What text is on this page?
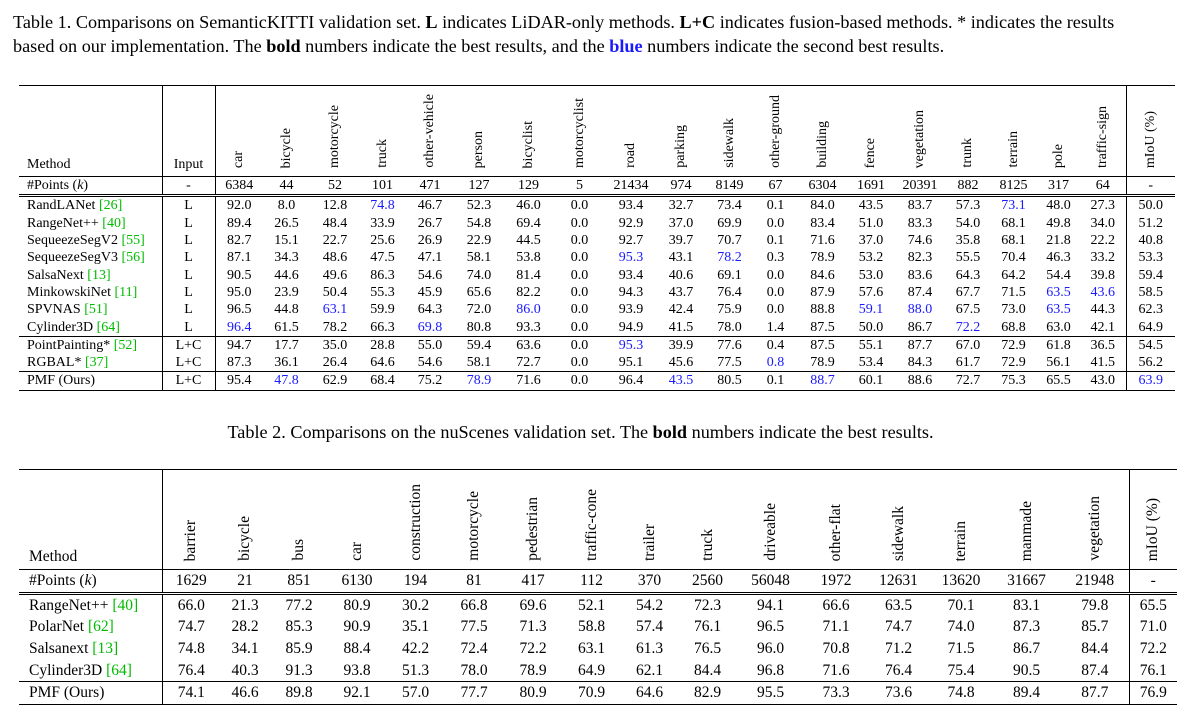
Table 1. Comparisons on SemanticKITTI validation set. L indicates LiDAR-only methods. L+C indicates fusion-based methods. * indicates the results based on our implementation. The bold numbers indicate the best results, and the blue numbers indicate the second best results.
Method	Input	car	bicycle	motorcycle	truck	other-vehicle	person	bicyclist	motorcyclist	road	parking	sidewalk	other-ground	building	fence	vegetation	trunk	terrain	pole	traffic-sign	mIoU (%)
#Points (k)	-	6384	44	52	101	471	127	129	5	21434	974	8149	67	6304	1691	20391	882	8125	317	64	-
RandLANet [26]	L	92.0	8.0	12.8	74.8	46.7	52.3	46.0	0.0	93.4	32.7	73.4	0.1	84.0	43.5	83.7	57.3	73.1	48.0	27.3	50.0
RangeNet++ [40]	L	89.4	26.5	48.4	33.9	26.7	54.8	69.4	0.0	92.9	37.0	69.9	0.0	83.4	51.0	83.3	54.0	68.1	49.8	34.0	51.2
SequeezeSegV2 [55]	L	82.7	15.1	22.7	25.6	26.9	22.9	44.5	0.0	92.7	39.7	70.7	0.1	71.6	37.0	74.6	35.8	68.1	21.8	22.2	40.8
SequeezeSegV3 [56]	L	87.1	34.3	48.6	47.5	47.1	58.1	53.8	0.0	95.3	43.1	78.2	0.3	78.9	53.2	82.3	55.5	70.4	46.3	33.2	53.3
SalsaNext [13]	L	90.5	44.6	49.6	86.3	54.6	74.0	81.4	0.0	93.4	40.6	69.1	0.0	84.6	53.0	83.6	64.3	64.2	54.4	39.8	59.4
MinkowskiNet [11]	L	95.0	23.9	50.4	55.3	45.9	65.6	82.2	0.0	94.3	43.7	76.4	0.0	87.9	57.6	87.4	67.7	71.5	63.5	43.6	58.5
SPVNAS [51]	L	96.5	44.8	63.1	59.9	64.3	72.0	86.0	0.0	93.9	42.4	75.9	0.0	88.8	59.1	88.0	67.5	73.0	63.5	44.3	62.3
Cylinder3D [64]	L	96.4	61.5	78.2	66.3	69.8	80.8	93.3	0.0	94.9	41.5	78.0	1.4	87.5	50.0	86.7	72.2	68.8	63.0	42.1	64.9
PointPainting* [52]	L+C	94.7	17.7	35.0	28.8	55.0	59.4	63.6	0.0	95.3	39.9	77.6	0.4	87.5	55.1	87.7	67.0	72.9	61.8	36.5	54.5
RGBAL* [37]	L+C	87.3	36.1	26.4	64.6	54.6	58.1	72.7	0.0	95.1	45.6	77.5	0.8	78.9	53.4	84.3	61.7	72.9	56.1	41.5	56.2
PMF (Ours)	L+C	95.4	47.8	62.9	68.4	75.2	78.9	71.6	0.0	96.4	43.5	80.5	0.1	88.7	60.1	88.6	72.7	75.3	65.5	43.0	63.9
Table 2. Comparisons on the nuScenes validation set. The bold numbers indicate the best results.
Method	barrier	bicycle	bus	car	construction	motorcycle	pedestrian	traffic-cone	trailer	truck	driveable	other-flat	sidewalk	terrain	manmade	vegetation	mIoU (%)
#Points (k)	1629	21	851	6130	194	81	417	112	370	2560	56048	1972	12631	13620	31667	21948	-
RangeNet++ [40]	66.0	21.3	77.2	80.9	30.2	66.8	69.6	52.1	54.2	72.3	94.1	66.6	63.5	70.1	83.1	79.8	65.5
PolarNet [62]	74.7	28.2	85.3	90.9	35.1	77.5	71.3	58.8	57.4	76.1	96.5	71.1	74.7	74.0	87.3	85.7	71.0
Salsanext [13]	74.8	34.1	85.9	88.4	42.2	72.4	72.2	63.1	61.3	76.5	96.0	70.8	71.2	71.5	86.7	84.4	72.2
Cylinder3D [64]	76.4	40.3	91.3	93.8	51.3	78.0	78.9	64.9	62.1	84.4	96.8	71.6	76.4	75.4	90.5	87.4	76.1
PMF (Ours)	74.1	46.6	89.8	92.1	57.0	77.7	80.9	70.9	64.6	82.9	95.5	73.3	73.6	74.8	89.4	87.7	76.9
